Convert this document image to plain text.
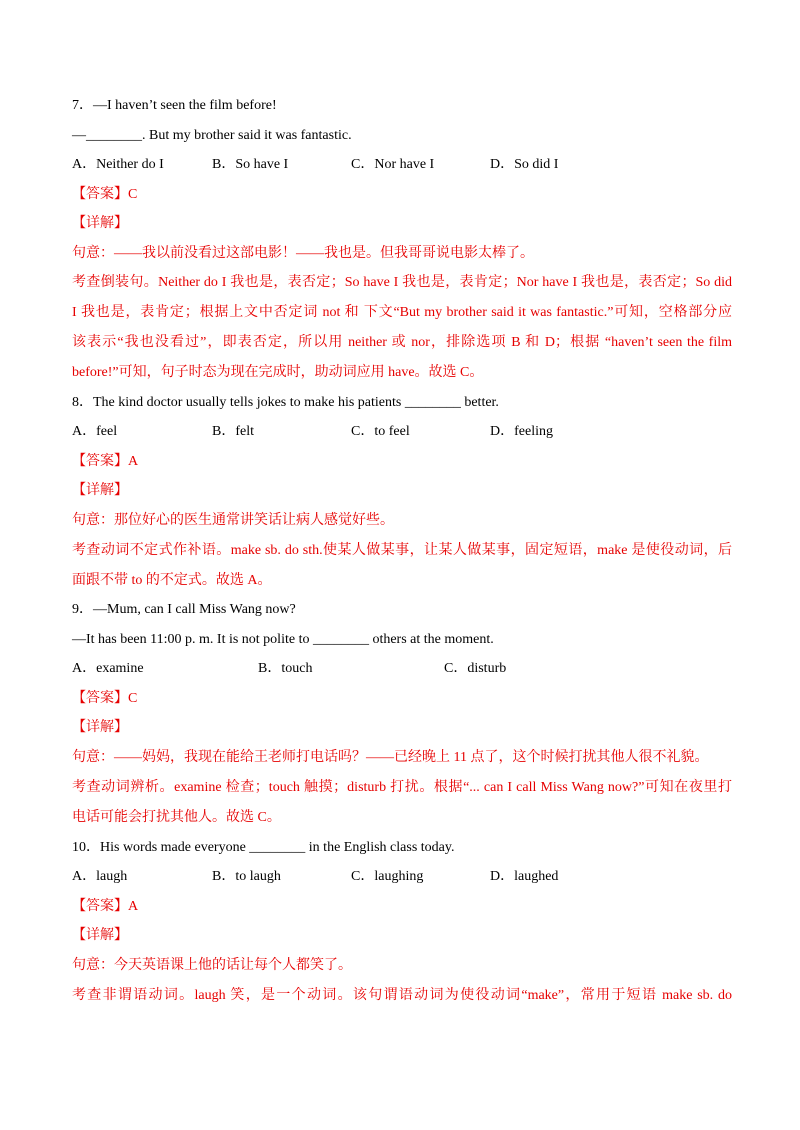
7．—I haven’t seen the film before!
—________. But my brother said it was fantastic.
A．Neither do I	B．So have I	C．Nor have I	D．So did I
【答案】C
【详解】
句意：——我以前没看过这部电影！——我也是。但我哥哥说电影太棒了。
考查倒装句。Neither do I 我也是，表否定；So have I 我也是，表肯定；Nor have I 我也是，表否定；So did
I 我也是，表肯定；根据上文中否定词 not 和 下文“But my brother said it was fantastic.”可知，空格部分应
该表示“我也没看过”，即表否定，所以用 neither 或 nor，排除选项 B 和 D；根据 “haven’t seen the film
before!”可知，句子时态为现在完成时，助动词应用 have。故选 C。
8．The kind doctor usually tells jokes to make his patients ________ better.
A．feel	B．felt	C．to feel	D．feeling
【答案】A
【详解】
句意：那位好心的医生通常讲笑话让病人感觉好些。
考查动词不定式作补语。make sb. do sth.使某人做某事，让某人做某事，固定短语，make 是使役动词，后
面跟不带 to 的不定式。故选 A。
9．—Mum, can I call Miss Wang now?
—It has been 11:00 p. m. It is not polite to ________ others at the moment.
A．examine	B．touch	C．disturb
【答案】C
【详解】
句意：——妈妈，我现在能给王老师打电话吗？——已经晚上 11 点了，这个时候打扰其他人很不礼貌。
考查动词辨析。examine 检查；touch 触摸；disturb 打扰。根据“... can I call Miss Wang now?”可知在夜里打
电话可能会打扰其他人。故选 C。
10．His words made everyone ________ in the English class today.
A．laugh	B．to laugh	C．laughing	D．laughed
【答案】A
【详解】
句意：今天英语课上他的话让每个人都笑了。
考查非谓语动词。laugh 笑，是一个动词。该句谓语动词为使役动词“make”，常用于短语 make sb. do
